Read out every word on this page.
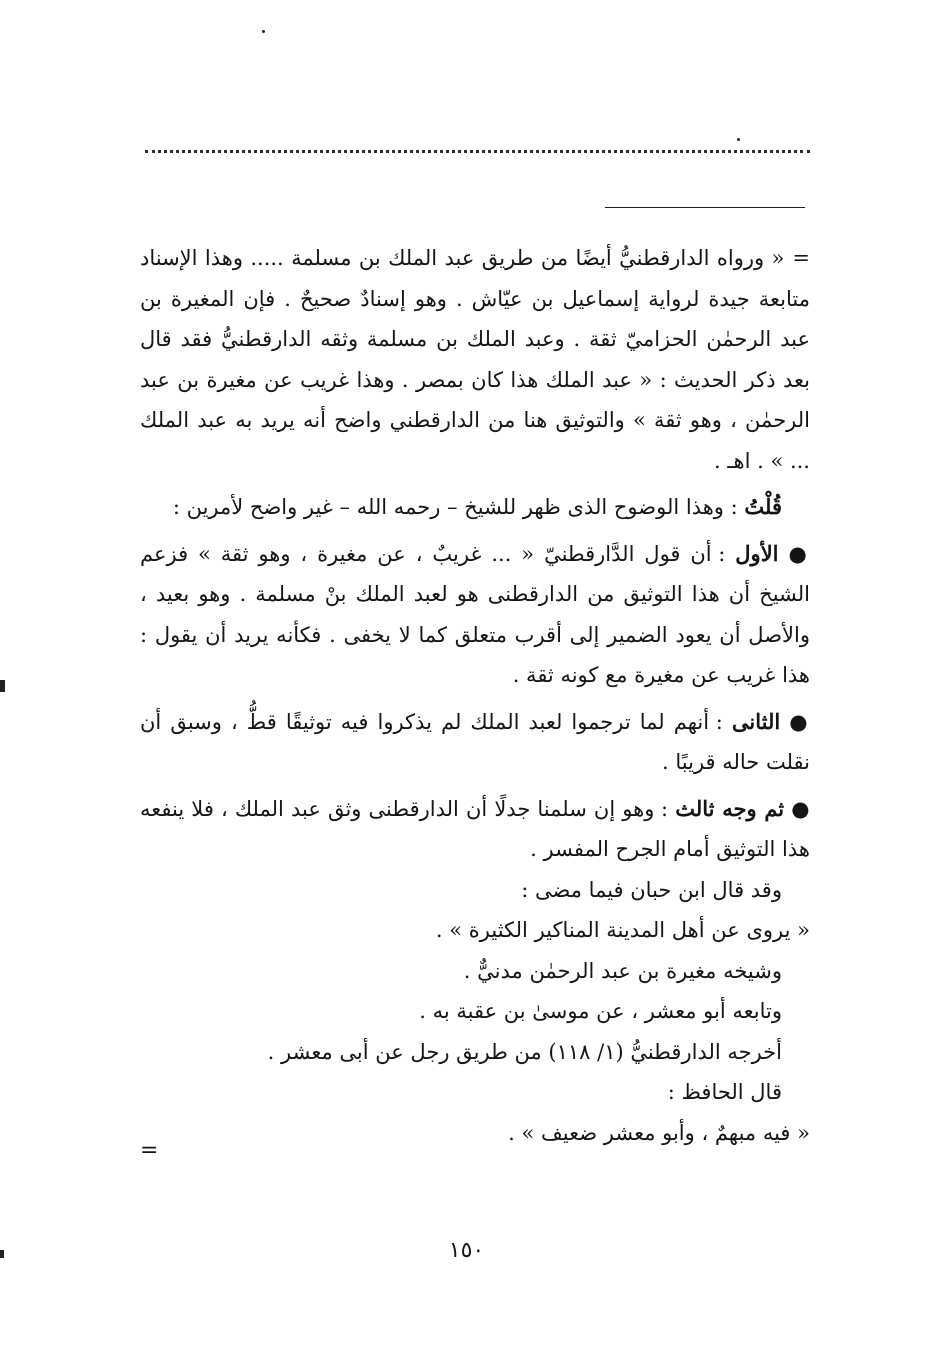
=« ورواه الدارقطنيُّ أيضًا من طريق عبد الملك بن مسلمة ..... وهذا الإسناد متابعة جيدة لرواية إسماعيل بن عيّاش . وهو إسنادٌ صحيحٌ . فإن المغيرة بن عبد الرحمٰن الحزاميّ ثقة . وعبد الملك بن مسلمة وثقه الدارقطنيُّ فقد قال بعد ذكر الحديث : « عبد الملك هذا كان بمصر . وهذا غريب عن مغيرة بن عبد الرحمٰن ، وهو ثقة » والتوثيق هنا من الدارقطني واضح أنه يريد به عبد الملك ... » . اهـ .

قُلْتُ : وهذا الوضوح الذى ظهر للشيخ – رحمه الله – غير واضح لأمرين :

● الأول : أن قول الدَّارقطنيّ « ... غريبٌ ، عن مغيرة ، وهو ثقة » فزعم الشيخ أن هذا التوثيق من الدارقطنى هو لعبد الملك بنْ مسلمة . وهو بعيد ، والأصل أن يعود الضمير إلى أقرب متعلق كما لا يخفى . فكأنه يريد أن يقول : هذا غريب عن مغيرة مع كونه ثقة .

● الثانى : أنهم لما ترجموا لعبد الملك لم يذكروا فيه توثيقًا قطُّ ، وسبق أن نقلت حاله قريبًا .

● ثم وجه ثالث : وهو إن سلمنا جدلًا أن الدارقطنى وثق عبد الملك ، فلا ينفعه هذا التوثيق أمام الجرح المفسر .

وقد قال ابن حبان فيما مضى :

« يروى عن أهل المدينة المناكير الكثيرة » .

وشيخه مغيرة بن عبد الرحمٰن مدنيٌّ .

وتابعه أبو معشر ، عن موسىٰ بن عقبة به .

أخرجه الدارقطنيُّ (١/ ١١٨) من طريق رجل عن أبى معشر .

قال الحافظ :

« فيه مبهمٌ ، وأبو معشر ضعيف » .

=
١٥٠
